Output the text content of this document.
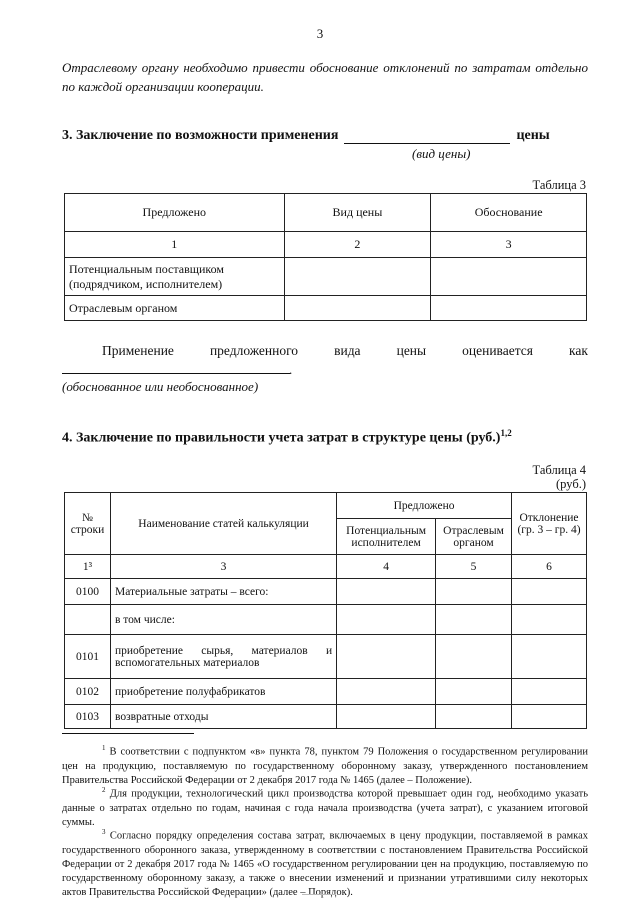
3
Отраслевому органу необходимо привести обоснование отклонений по затратам отдельно по каждой организации кооперации.
3. Заключение по возможности применения	цены
(вид цены)
Таблица 3
Предложено	Вид цены	Обоснование
1	2	3
Потенциальным поставщиком (подрядчиком, исполнителем)		
Отраслевым органом		
Применение	предложенного	вида	цены	оценивается	как
.
(обоснованное или необоснованное)
4. Заключение по правильности учета затрат в структуре цены $(руб.)^{1,2}$
Таблица 4
(руб.)
№ строки	Наименование статей калькуляции	Предложено		Отклонение (гр. 3 – гр. 4)
		Потенциальным исполнителем	Отраслевым органом	
1³	3	4	5	6
0100	Материальные затраты – всего:			
	в том числе:			
0101	приобретение сырья, материалов и вспомогательных материалов			
0102	приобретение полуфабрикатов			
0103	возвратные отходы			
$^1$ В соответствии с подпунктом «в» пункта 78, пунктом 79 Положения о государственном регулировании цен на продукцию, поставляемую по государственному оборонному заказу, утвержденного постановлением Правительства Российской Федерации от 2 декабря 2017 года № 1465 (далее – Положение).
$^2$ Для продукции, технологический цикл производства которой превышает один год, необходимо указать данные о затратах отдельно по годам, начиная с года начала производства (учета затрат), с указанием итоговой суммы.
$^3$ Согласно порядку определения состава затрат, включаемых в цену продукции, поставляемой в рамках государственного оборонного заказа, утвержденному в соответствии с постановлением Правительства Российской Федерации от 2 декабря 2017 года № 1465 «О государственном регулировании цен на продукцию, поставляемую по государственному оборонному заказу, а также о внесении изменений и признании утратившими силу некоторых актов Правительства Российской Федерации» (далее – Порядок).
